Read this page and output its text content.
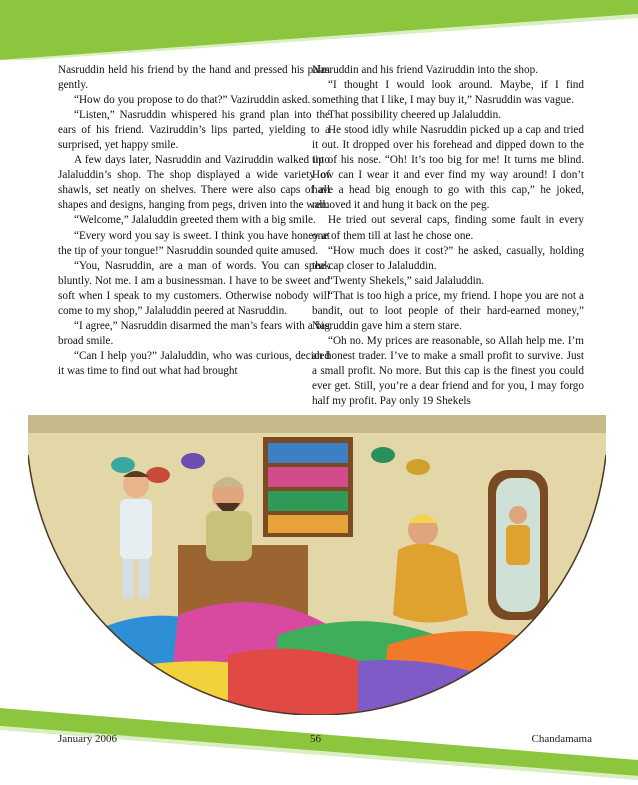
Nasruddin held his friend by the hand and pressed his palm gently.

“How do you propose to do that?” Vaziruddin asked.

“Listen,” Nasruddin whispered his grand plan into the ears of his friend. Vaziruddin’s lips parted, yielding to a surprised, yet happy smile.

A few days later, Nasruddin and Vaziruddin walked into Jalaluddin’s shop. The shop displayed a wide variety of shawls, set neatly on shelves. There were also caps of all shapes and designs, hanging from pegs, driven into the wall.

“Welcome,” Jalaluddin greeted them with a big smile.

“Every word you say is sweet. I think you have honey at the tip of your tongue!” Nasruddin sounded quite amused.

“You, Nasruddin, are a man of words. You can speak bluntly. Not me. I am a businessman. I have to be sweet and soft when I speak to my customers. Otherwise nobody will come to my shop,” Jalaluddin peered at Nasruddin.

“I agree,” Nasruddin disarmed the man’s fears with a big broad smile.

“Can I help you?” Jalaluddin, who was curious, decided it was time to find out what had brought

Nasruddin and his friend Vaziruddin into the shop.

“I thought I would look around. Maybe, if I find something that I like, I may buy it,” Nasruddin was vague.

That possibility cheered up Jalaluddin.

He stood idly while Nasruddin picked up a cap and tried it out. It dropped over his forehead and dipped down to the tip of his nose. “Oh! It’s too big for me! It turns me blind. How can I wear it and ever find my way around! I don’t have a head big enough to go with this cap,” he joked, removed it and hung it back on the peg.

He tried out several caps, finding some fault in every one of them till at last he chose one.

“How much does it cost?” he asked, casually, holding the cap closer to Jalaluddin.

“Twenty Shekels,” said Jalaluddin.

“That is too high a price, my friend. I hope you are not a bandit, out to loot people of their hard-earned money,” Nasruddin gave him a stern stare.

“Oh no. My prices are reasonable, so Allah help me. I’m an honest trader. I’ve to make a small profit to survive. Just a small profit. No more. But this cap is the finest you could ever get. Still, you’re a dear friend and for you, I may forgo half my profit. Pay only 19 Shekels

January 2006	56	Chandamama
